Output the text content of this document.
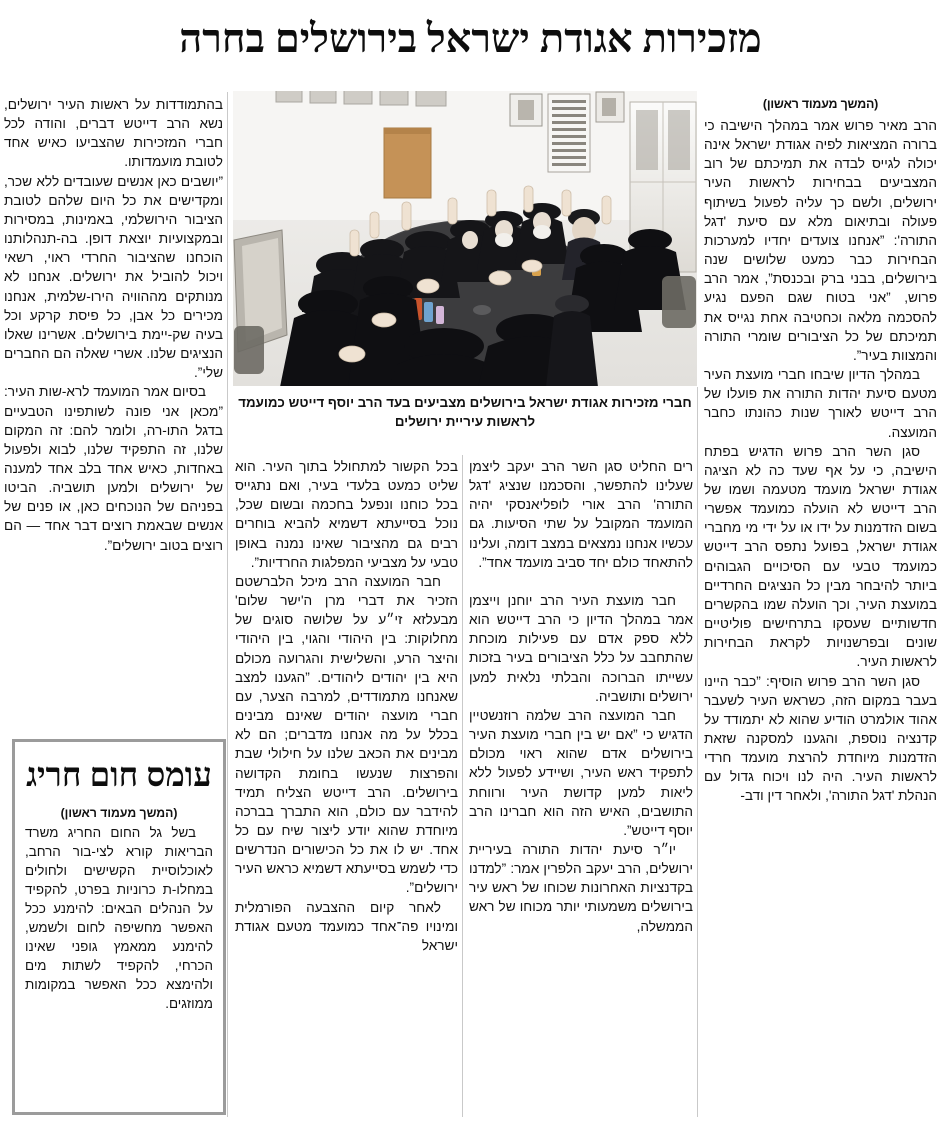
מזכירות אגודת ישראל בירושלים בחרה
חברי מזכירות אגודת ישראל בירושלים מצביעים בעד הרב יוסף דייטש כמועמד לראשות עיריית ירושלים
(המשך מעמוד ראשון)

הרב מאיר פרוש אמר במהלך הישיבה כי ברורה המציאות לפיה אגודת ישראל אינה יכולה לגייס לבדה את תמיכתם של רוב המצביעים בבחירות לראשות העיר ירושלים, ולשם כך עליה לפעול בשיתוף פעולה ובתיאום מלא עם סיעת 'דגל התורה': ”אנחנו צועדים יחדיו למערכות הבחירות כבר כמעט שלושים שנה בירושלים, בבני ברק ובכנסת”, אמר הרב פרוש, ”אני בטוח שגם הפעם נגיע להסכמה מלאה וכחטיבה אחת נגייס את תמיכתם של כל הציבורים שומרי התורה והמצוות בעיר”.

במהלך הדיון שיבחו חברי מועצת העיר מטעם סיעת יהדות התורה את פועלו של הרב דייטש לאורך שנות כהונתו כחבר המועצה.

סגן השר הרב פרוש הדגיש בפתח הישיבה, כי על אף שעד כה לא הציגה אגודת ישראל מועמד מטעמה ושמו של הרב דייטש לא הועלה כמועמד אפשרי בשום הזדמנות על ידו או על ידי מי מחברי אגודת ישראל, בפועל נתפס הרב דייטש כמועמד טבעי עם הסיכויים הגבוהים ביותר להיבחר מבין כל הנציגים החרדיים במועצת העיר, וכך הועלה שמו בהקשרים חדשותיים שעסקו בתרחישים פוליטיים שונים ובפרשנויות לקראת הבחירות לראשות העיר.

סגן השר הרב פרוש הוסיף: ”כבר היינו בעבר במקום הזה, כשראש העיר לשעבר אהוד אולמרט הודיע שהוא לא יתמודד על קדנציה נוספת, והגענו למסקנה שזאת הזדמנות מיוחדת להרצת מועמד חרדי לראשות העיר. היה לנו ויכוח גדול עם הנהלת 'דגל התורה', ולאחר דין ודב-

רים החליט סגן השר הרב יעקב ליצמן שעלינו להתפשר, והסכמנו שנציג 'דגל התורה' הרב אורי לופליאנסקי יהיה המועמד המקובל על שתי הסיעות. גם עכשיו אנחנו נמצאים במצב דומה, ועלינו להתאחד כולם יחד סביב מועמד אחד”.

חבר מועצת העיר הרב יוחנן וייצמן אמר במהלך הדיון כי הרב דייטש הוא ללא ספק אדם עם פעילות מוכחת שהתחבב על כלל הציבורים בעיר בזכות עשייתו הברוכה והבלתי נלאית למען ירושלים ותושביה.

חבר המועצה הרב שלמה רוזנשטיין הדגיש כי ”אם יש בין חברי מועצת העיר בירושלים אדם שהוא ראוי מכולם לתפקיד ראש העיר, ושיידע לפעול ללא ליאות למען קדושת העיר ורווחת התושבים, האיש הזה הוא חברינו הרב יוסף דייטש”.

יו״ר סיעת יהדות התורה בעיריית ירושלים, הרב יעקב הלפרין אמר: ”למדנו בקדנציות האחרונות שכוחו של ראש עיר בירושלים משמעותי יותר מכוחו של ראש הממשלה,

בכל הקשור למתחולל בתוך העיר. הוא שליט כמעט בלעדי בעיר, ואם נתגייס בכל כוחנו ונפעל בחכמה ובשום שכל, נוכל בסייעתא דשמיא להביא בוחרים רבים גם מהציבור שאינו נמנה באופן טבעי על מצביעי המפלגות החרדיות”.

חבר המועצה הרב מיכל הלברשטם הזכיר את דברי מרן ה'ישר שלום' מבעלזא זי״ע על שלושה סוגים של מחלוקות: בין היהודי והגוי, בין היהודי והיצר הרע, והשלישית והגרועה מכולם היא בין יהודים ליהודים. ”הגענו למצב שאנחנו מתמודדים, למרבה הצער, עם חברי מועצה יהודים שאינם מבינים בכלל על מה אנחנו מדברים; הם לא מבינים את הכאב שלנו על חילולי שבת והפרצות שנעשו בחומת הקדושה בירושלים. הרב דייטש הצליח תמיד להידבר עם כולם, הוא התברך בברכה מיוחדת שהוא יודע ליצור שיח עם כל אחד. יש לו את כל הכישורים הנדרשים כדי לשמש בסייעתא דשמיא כראש העיר ירושלים”.

לאחר קיום ההצבעה הפורמלית ומינויו פה־אחד כמועמד מטעם אגודת ישראל

בהתמודדות על ראשות העיר ירושלים, נשא הרב דייטש דברים, והודה לכל חברי המזכירות שהצביעו כאיש אחד לטובת מועמדותו.

”יושבים כאן אנשים שעובדים ללא שכר, ומקדישים את כל היום שלהם לטובת הציבור הירושלמי, באמינות, במסירות ובמקצועיות יוצאת דופן. בה-תנהלותנו הוכחנו שהציבור החרדי ראוי, רשאי ויכול להוביל את ירושלים. אנחנו לא מנותקים מההוויה הירו-שלמית, אנחנו מכירים כל אבן, כל פיסת קרקע וכל בעיה שק-יימת בירושלים. אשרינו שאלו הנציגים שלנו. אשרי שאלה הם החברים שלי”.

בסיום אמר המועמד לרא-שות העיר: ”מכאן אני פונה לשותפינו הטבעיים בדגל התו-רה, ולומר להם: זה המקום שלנו, זה התפקיד שלנו, לבוא ולפעול באחדות, כאיש אחד בלב אחד למענה של ירושלים ולמען תושביה. הביטו בפניהם של הנוכחים כאן, או פנים של אנשים שבאמת רוצים דבר אחד — הם רוצים בטוב ירושלים”.

עומס חום חריג
(המשך מעמוד ראשון)

בשל גל החום החריג משרד הבריאות קורא לצי-בור הרחב, לאוכלוסיית הקשישים ולחולים במחלו-ת כרוניות בפרט, להקפיד על הנהלים הבאים: להימנע ככל האפשר מחשיפה לחום ולשמש, להימנע ממאמץ גופני שאינו הכרחי, להקפיד לשתות מים ולהימצא ככל האפשר במקומות ממוזגים.
